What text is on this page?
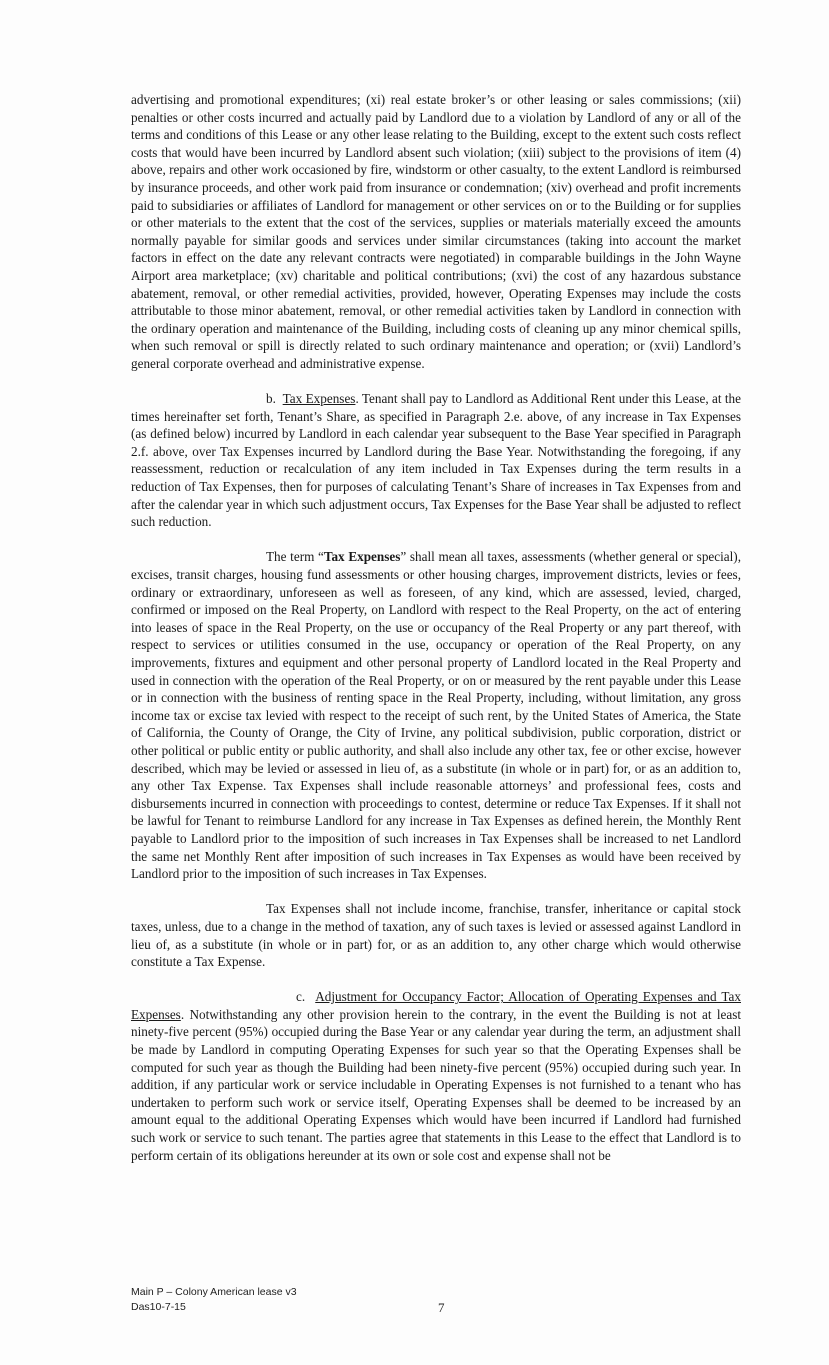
advertising and promotional expenditures; (xi) real estate broker’s or other leasing or sales commissions; (xii) penalties or other costs incurred and actually paid by Landlord due to a violation by Landlord of any or all of the terms and conditions of this Lease or any other lease relating to the Building, except to the extent such costs reflect costs that would have been incurred by Landlord absent such violation; (xiii) subject to the provisions of item (4) above, repairs and other work occasioned by fire, windstorm or other casualty, to the extent Landlord is reimbursed by insurance proceeds, and other work paid from insurance or condemnation; (xiv) overhead and profit increments paid to subsidiaries or affiliates of Landlord for management or other services on or to the Building or for supplies or other materials to the extent that the cost of the services, supplies or materials materially exceed the amounts normally payable for similar goods and services under similar circumstances (taking into account the market factors in effect on the date any relevant contracts were negotiated) in comparable buildings in the John Wayne Airport area marketplace; (xv) charitable and political contributions; (xvi) the cost of any hazardous substance abatement, removal, or other remedial activities, provided, however, Operating Expenses may include the costs attributable to those minor abatement, removal, or other remedial activities taken by Landlord in connection with the ordinary operation and maintenance of the Building, including costs of cleaning up any minor chemical spills, when such removal or spill is directly related to such ordinary maintenance and operation; or (xvii) Landlord’s general corporate overhead and administrative expense.

b. Tax Expenses. Tenant shall pay to Landlord as Additional Rent under this Lease, at the times hereinafter set forth, Tenant’s Share, as specified in Paragraph 2.e. above, of any increase in Tax Expenses (as defined below) incurred by Landlord in each calendar year subsequent to the Base Year specified in Paragraph 2.f. above, over Tax Expenses incurred by Landlord during the Base Year. Notwithstanding the foregoing, if any reassessment, reduction or recalculation of any item included in Tax Expenses during the term results in a reduction of Tax Expenses, then for purposes of calculating Tenant’s Share of increases in Tax Expenses from and after the calendar year in which such adjustment occurs, Tax Expenses for the Base Year shall be adjusted to reflect such reduction.

The term “Tax Expenses” shall mean all taxes, assessments (whether general or special), excises, transit charges, housing fund assessments or other housing charges, improvement districts, levies or fees, ordinary or extraordinary, unforeseen as well as foreseen, of any kind, which are assessed, levied, charged, confirmed or imposed on the Real Property, on Landlord with respect to the Real Property, on the act of entering into leases of space in the Real Property, on the use or occupancy of the Real Property or any part thereof, with respect to services or utilities consumed in the use, occupancy or operation of the Real Property, on any improvements, fixtures and equipment and other personal property of Landlord located in the Real Property and used in connection with the operation of the Real Property, or on or measured by the rent payable under this Lease or in connection with the business of renting space in the Real Property, including, without limitation, any gross income tax or excise tax levied with respect to the receipt of such rent, by the United States of America, the State of California, the County of Orange, the City of Irvine, any political subdivision, public corporation, district or other political or public entity or public authority, and shall also include any other tax, fee or other excise, however described, which may be levied or assessed in lieu of, as a substitute (in whole or in part) for, or as an addition to, any other Tax Expense. Tax Expenses shall include reasonable attorneys’ and professional fees, costs and disbursements incurred in connection with proceedings to contest, determine or reduce Tax Expenses. If it shall not be lawful for Tenant to reimburse Landlord for any increase in Tax Expenses as defined herein, the Monthly Rent payable to Landlord prior to the imposition of such increases in Tax Expenses shall be increased to net Landlord the same net Monthly Rent after imposition of such increases in Tax Expenses as would have been received by Landlord prior to the imposition of such increases in Tax Expenses.

Tax Expenses shall not include income, franchise, transfer, inheritance or capital stock taxes, unless, due to a change in the method of taxation, any of such taxes is levied or assessed against Landlord in lieu of, as a substitute (in whole or in part) for, or as an addition to, any other charge which would otherwise constitute a Tax Expense.

c. Adjustment for Occupancy Factor; Allocation of Operating Expenses and Tax Expenses. Notwithstanding any other provision herein to the contrary, in the event the Building is not at least ninety-five percent (95%) occupied during the Base Year or any calendar year during the term, an adjustment shall be made by Landlord in computing Operating Expenses for such year so that the Operating Expenses shall be computed for such year as though the Building had been ninety-five percent (95%) occupied during such year. In addition, if any particular work or service includable in Operating Expenses is not furnished to a tenant who has undertaken to perform such work or service itself, Operating Expenses shall be deemed to be increased by an amount equal to the additional Operating Expenses which would have been incurred if Landlord had furnished such work or service to such tenant. The parties agree that statements in this Lease to the effect that Landlord is to perform certain of its obligations hereunder at its own or sole cost and expense shall not be

Main P – Colony American lease v3
Das10-7-15	7
